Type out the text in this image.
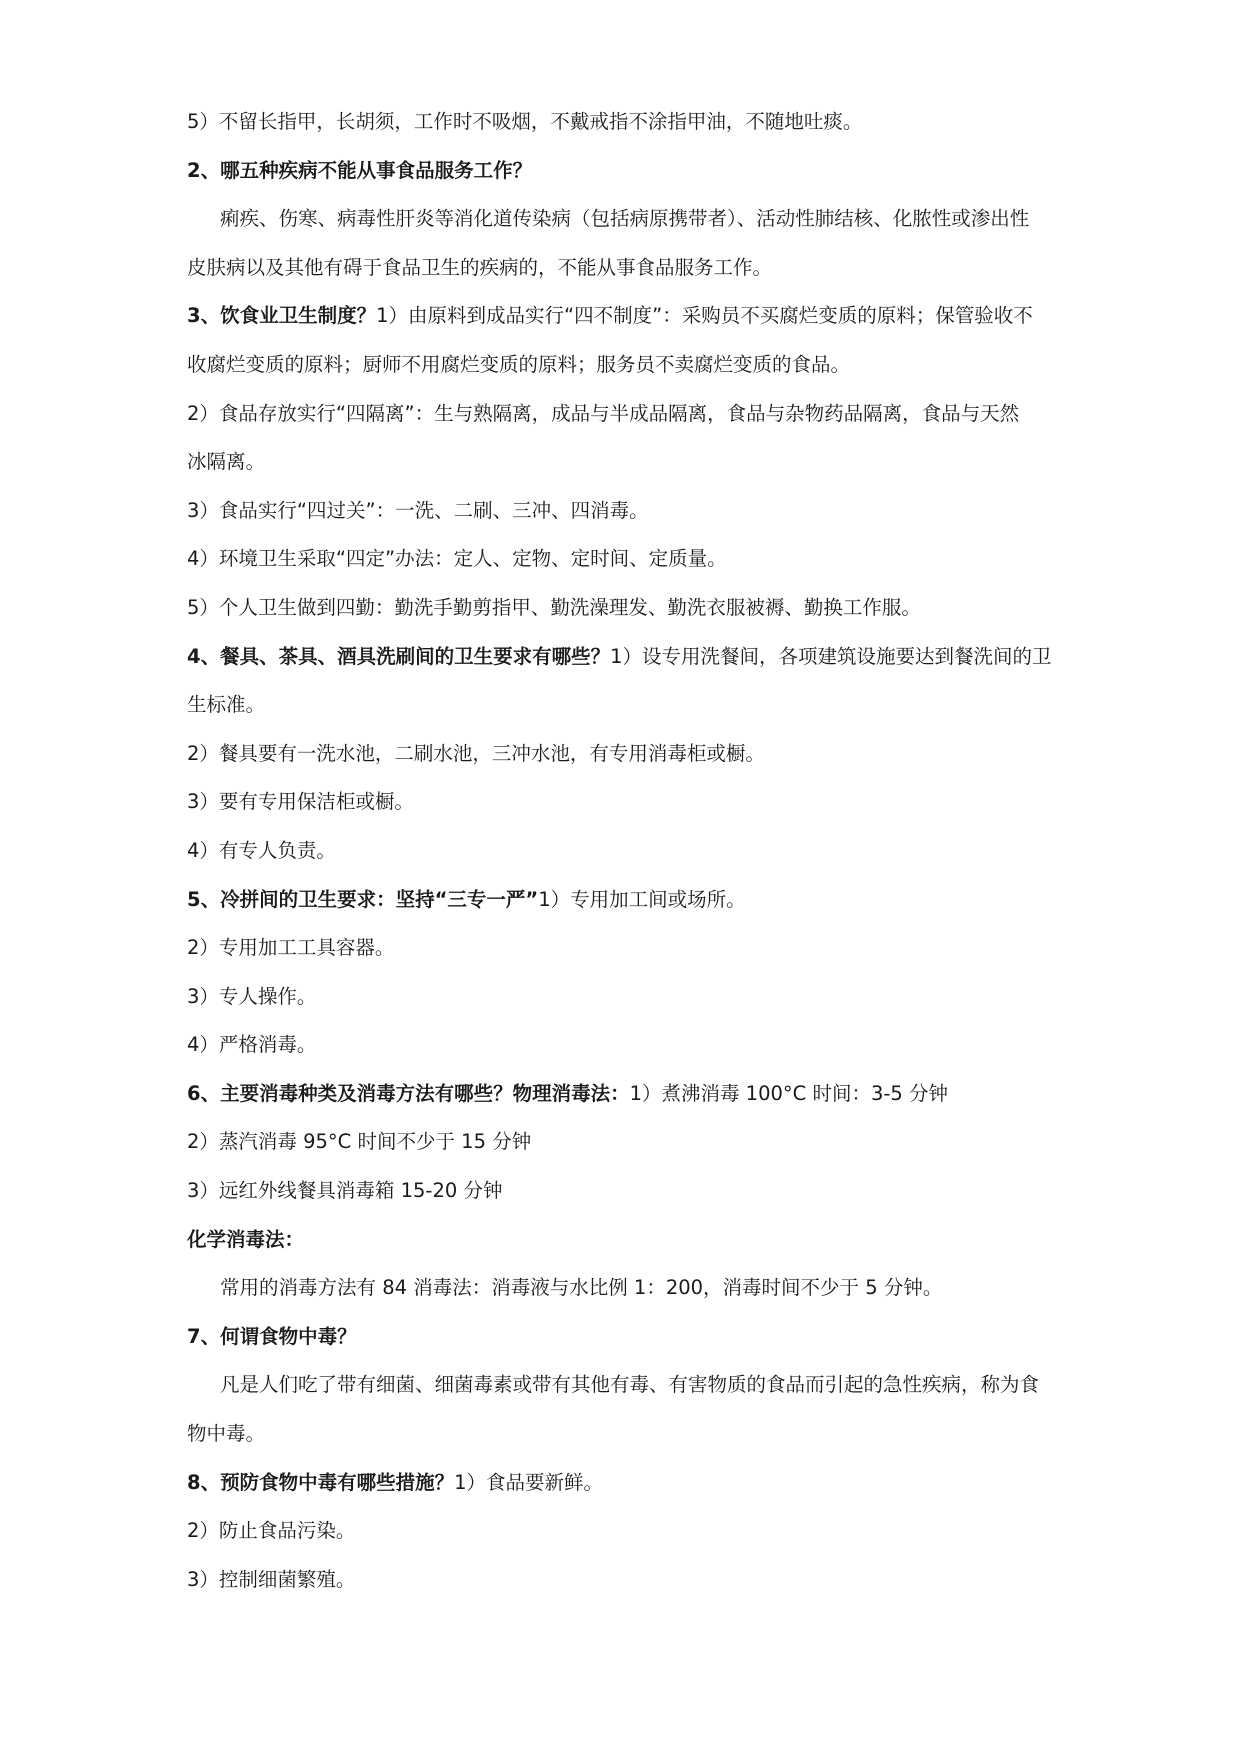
5）不留长指甲，长胡须，工作时不吸烟，不戴戒指不涂指甲油，不随地吐痰。
2、哪五种疾病不能从事食品服务工作？
痢疾、伤寒、病毒性肝炎等消化道传染病（包括病原携带者）、活动性肺结核、化脓性或渗出性
皮肤病以及其他有碍于食品卫生的疾病的，不能从事食品服务工作。
3、饮食业卫生制度？1）由原料到成品实行“四不制度”：采购员不买腐烂变质的原料；保管验收不
收腐烂变质的原料；厨师不用腐烂变质的原料；服务员不卖腐烂变质的食品。
2）食品存放实行“四隔离”：生与熟隔离，成品与半成品隔离，食品与杂物药品隔离，食品与天然
冰隔离。
3）食品实行“四过关”：一洗、二刷、三冲、四消毒。
4）环境卫生采取“四定”办法：定人、定物、定时间、定质量。
5）个人卫生做到四勤：勤洗手勤剪指甲、勤洗澡理发、勤洗衣服被褥、勤换工作服。
4、餐具、茶具、酒具洗刷间的卫生要求有哪些？1）设专用洗餐间，各项建筑设施要达到餐洗间的卫
生标准。
2）餐具要有一洗水池，二刷水池，三冲水池，有专用消毒柜或橱。
3）要有专用保洁柜或橱。
4）有专人负责。
5、冷拼间的卫生要求：坚持“三专一严”1）专用加工间或场所。
2）专用加工工具容器。
3）专人操作。
4）严格消毒。
6、主要消毒种类及消毒方法有哪些？物理消毒法：1）煮沸消毒 100°C 时间：3-5 分钟
2）蒸汽消毒 95°C 时间不少于 15 分钟
3）远红外线餐具消毒箱 15-20 分钟
化学消毒法：
常用的消毒方法有 84 消毒法：消毒液与水比例 1：200，消毒时间不少于 5 分钟。
7、何谓食物中毒？
凡是人们吃了带有细菌、细菌毒素或带有其他有毒、有害物质的食品而引起的急性疾病，称为食
物中毒。
8、预防食物中毒有哪些措施？1）食品要新鲜。
2）防止食品污染。
3）控制细菌繁殖。
